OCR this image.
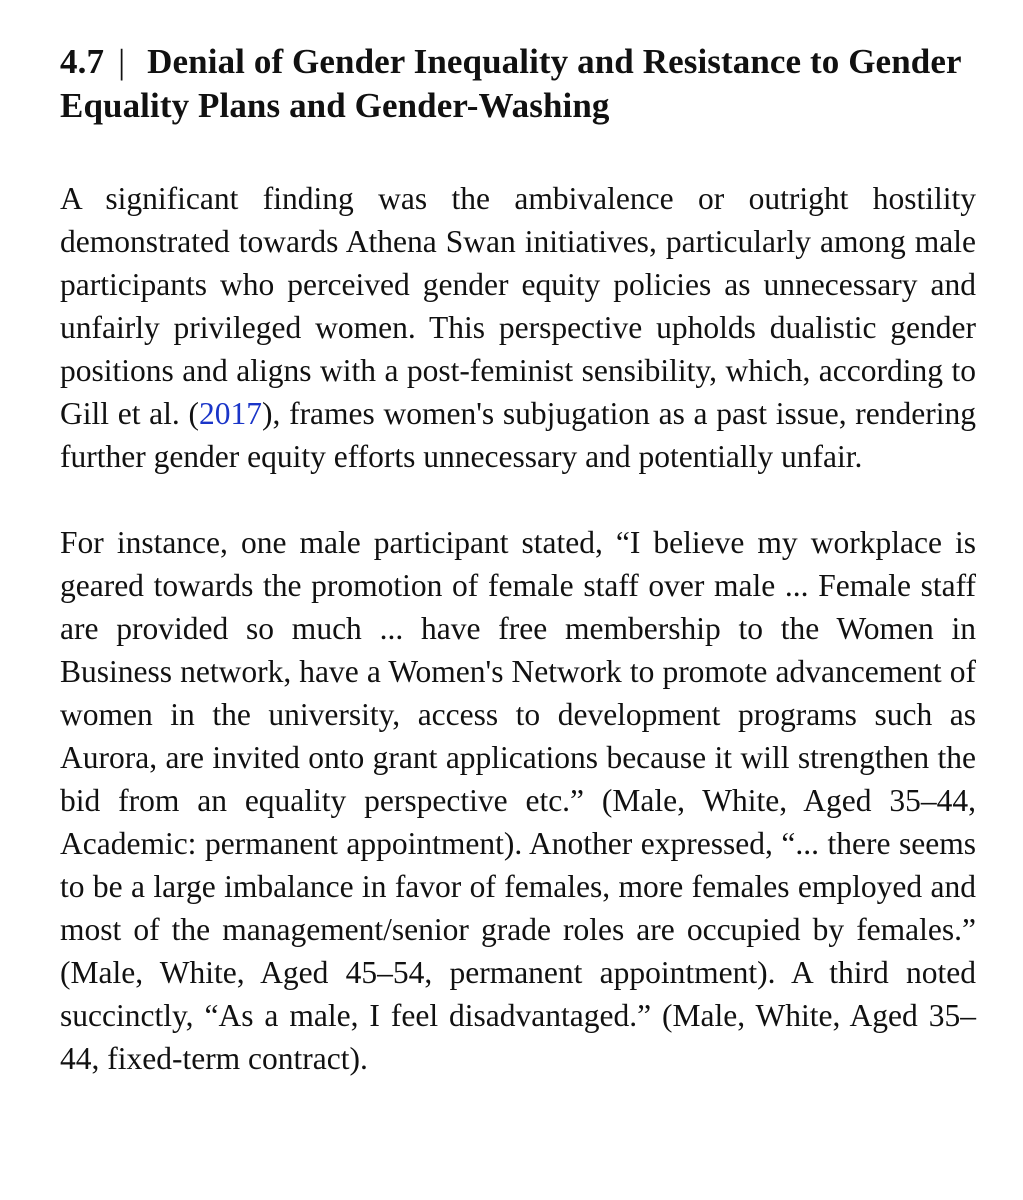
4.7 | Denial of Gender Inequality and Resistance to Gender Equality Plans and Gender-Washing

A significant finding was the ambivalence or outright hostility demonstrated towards Athena Swan initiatives, particularly among male participants who perceived gender equity policies as unnecessary and unfairly privileged women. This perspective upholds dualistic gender positions and aligns with a post-feminist sensibility, which, according to Gill et al. (2017), frames women's subjugation as a past issue, rendering further gender equity efforts unnecessary and potentially unfair.

For instance, one male participant stated, “I believe my workplace is geared towards the promotion of female staff over male ... Female staff are provided so much ... have free membership to the Women in Business network, have a Women's Network to promote advancement of women in the university, access to development programs such as Aurora, are invited onto grant applications because it will strengthen the bid from an equality perspective etc.” (Male, White, Aged 35–44, Academic: permanent appointment). Another expressed, “... there seems to be a large imbalance in favor of females, more females employed and most of the management/senior grade roles are occupied by females.” (Male, White, Aged 45–54, permanent appointment). A third noted succinctly, “As a male, I feel disadvantaged.” (Male, White, Aged 35–44, fixed-term contract).
